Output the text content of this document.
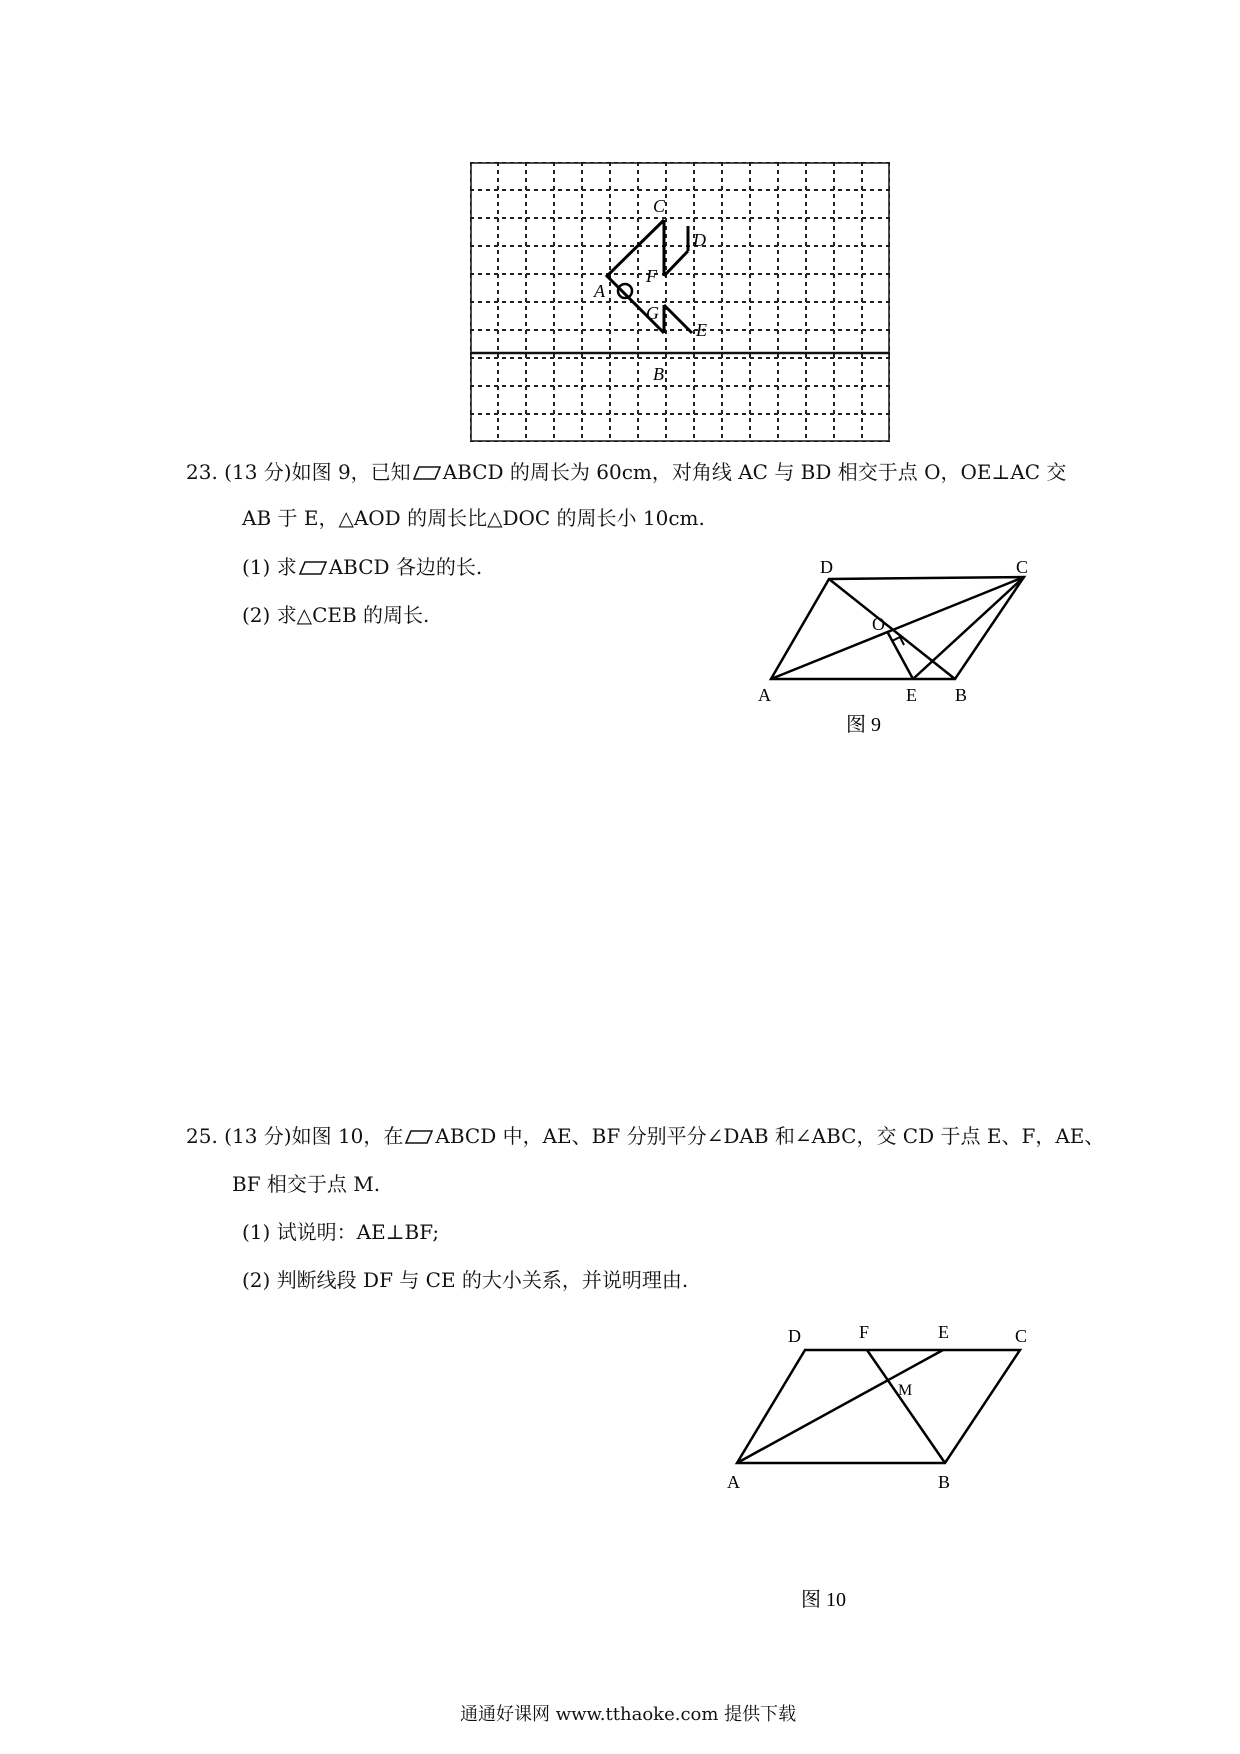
C
D
F
A
G
E
B
23. (13 分)如图 9，已知 ABCD 的周长为 60cm，对角线 AC 与 BD 相交于点 O，OE⊥AC 交
AB 于 E，△AOD 的周长比△DOC 的周长小 10cm.
(1) 求 ABCD 各边的长.
(2) 求△CEB 的周长.
D	C
O
A	E B
图 9
25. (13 分)如图 10，在 ABCD 中，AE、BF 分别平分∠DAB 和∠ABC，交 CD 于点 E、F，AE、
BF 相交于点 M.
(1) 试说明：AE⊥BF;
(2) 判断线段 DF 与 CE 的大小关系，并说明理由.
D	F	E	C
M
A	B
图 10
通通好课网 www.tthaoke.com 提供下载
